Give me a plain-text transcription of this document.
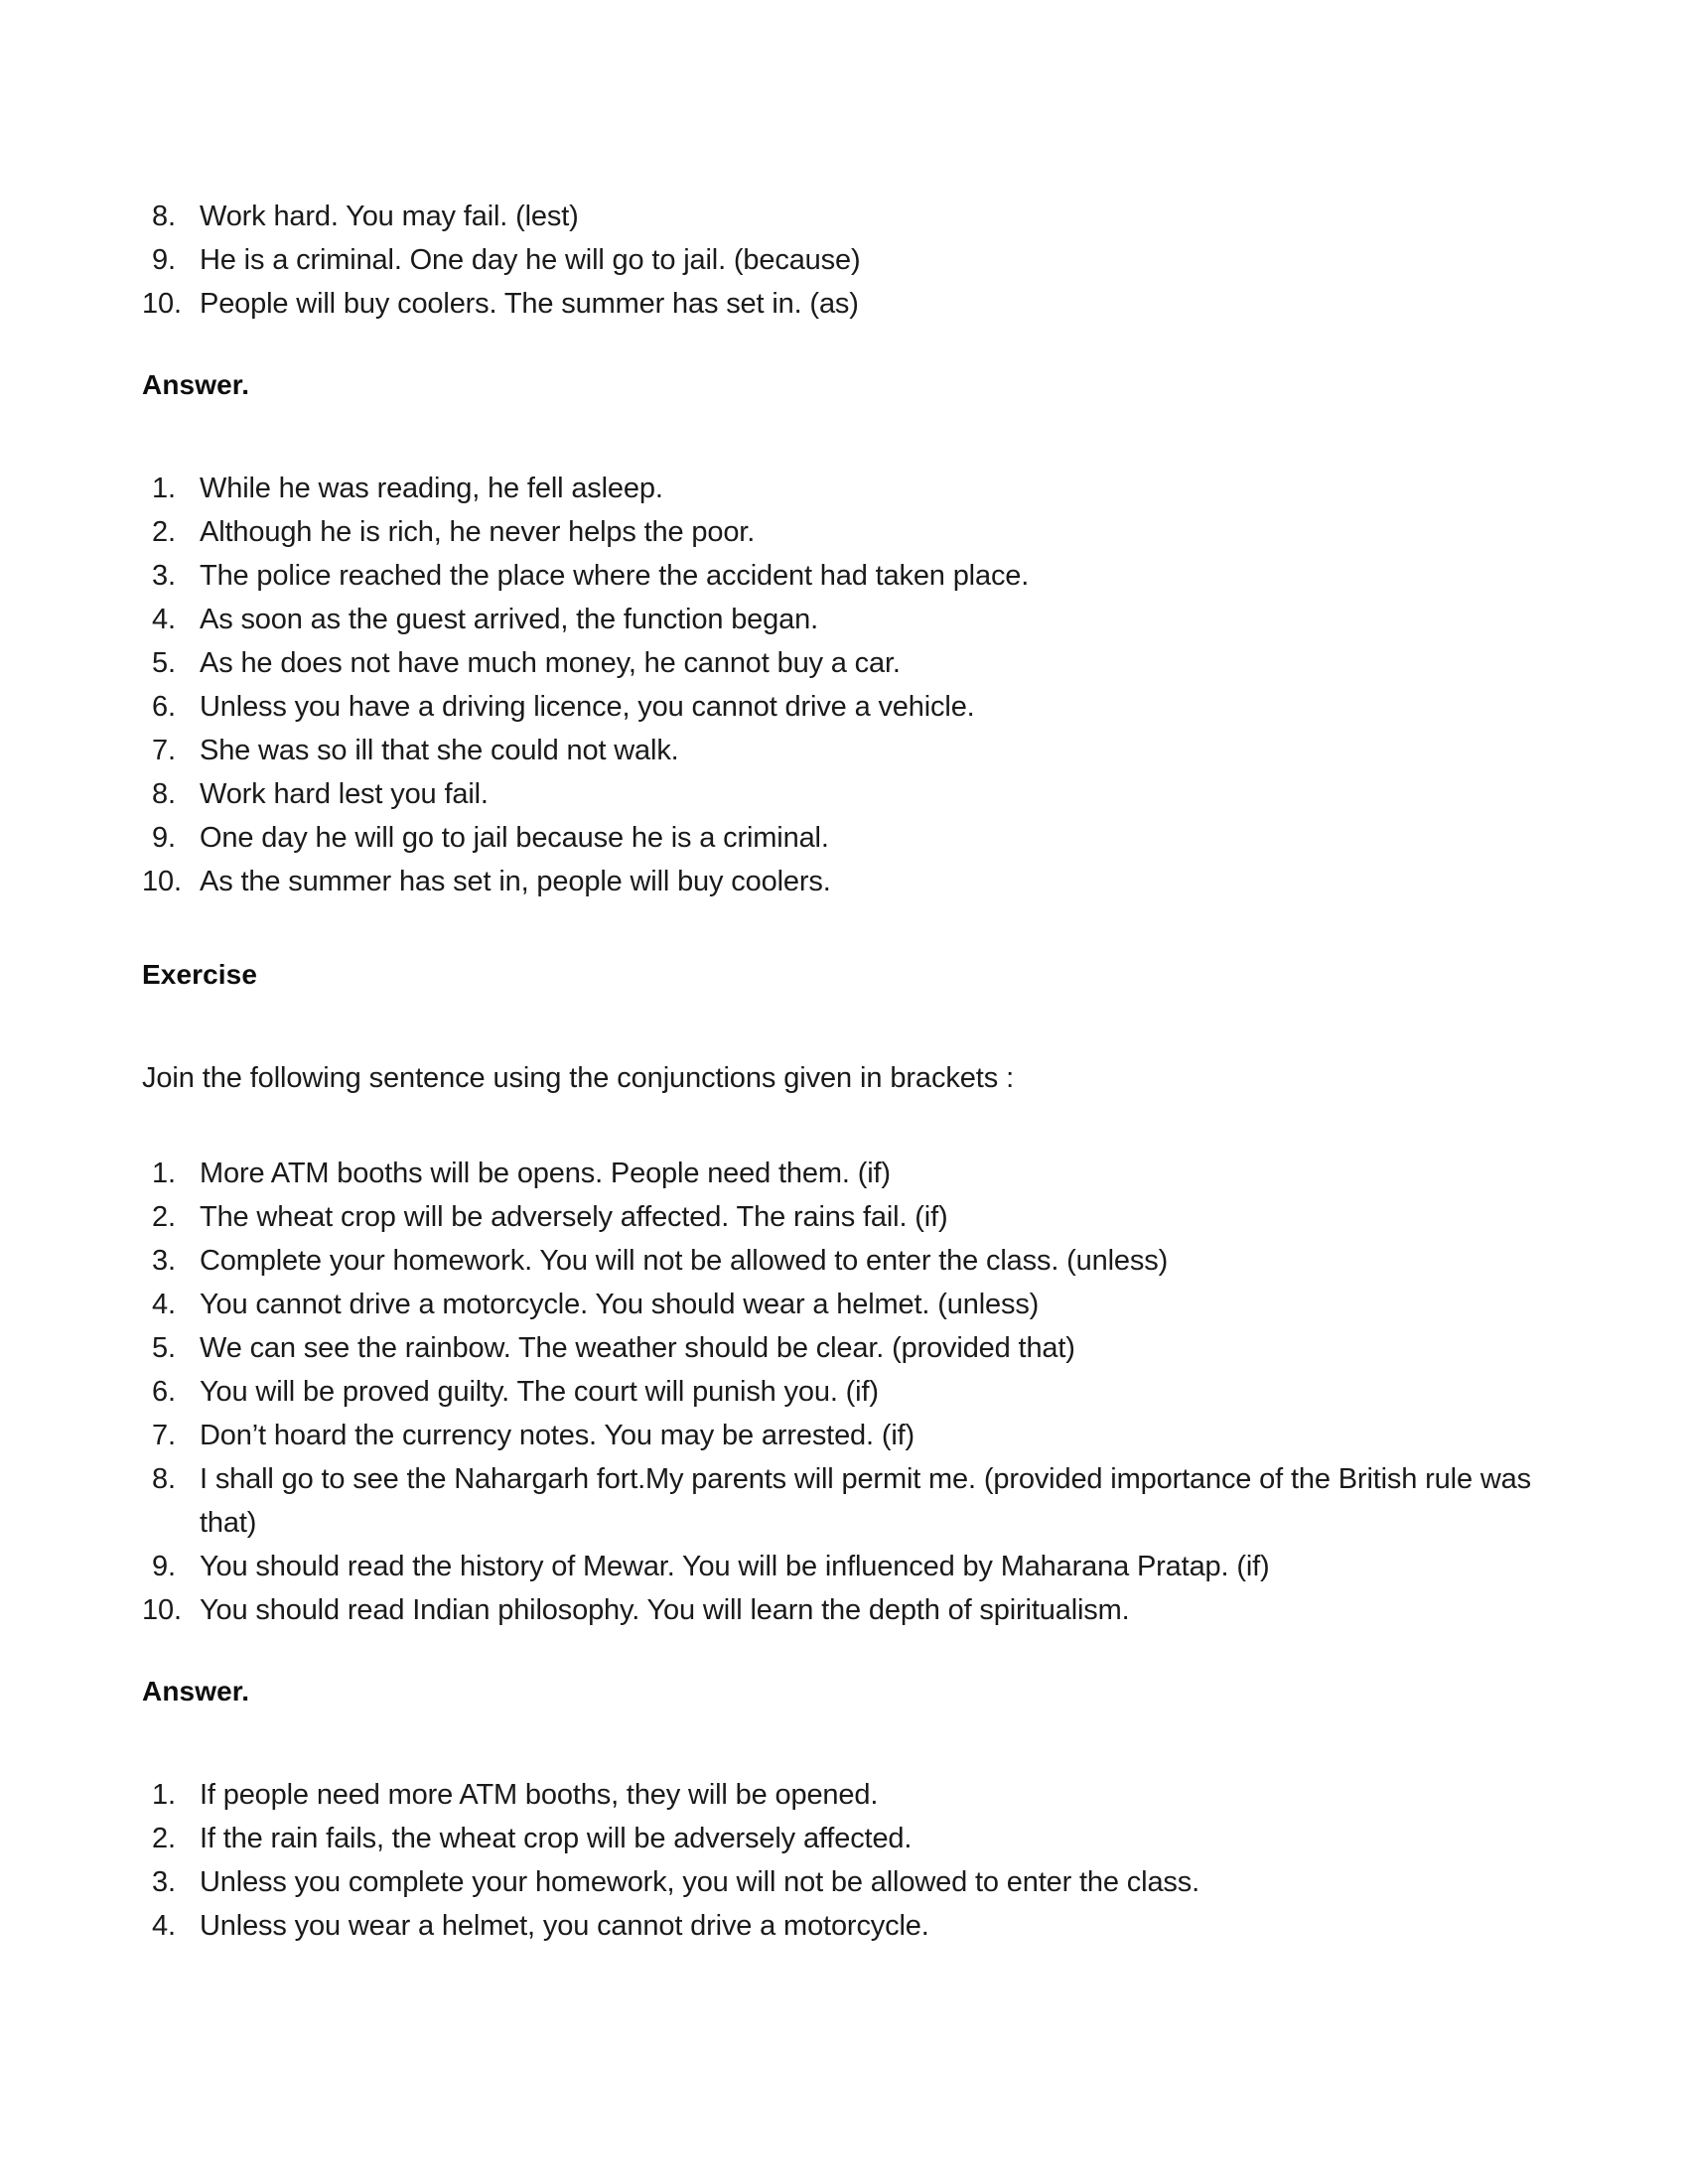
8. Work hard. You may fail. (lest)
9. He is a criminal. One day he will go to jail. (because)
10. People will buy coolers. The summer has set in. (as)
Answer.
1. While he was reading, he fell asleep.
2. Although he is rich, he never helps the poor.
3. The police reached the place where the accident had taken place.
4. As soon as the guest arrived, the function began.
5. As he does not have much money, he cannot buy a car.
6. Unless you have a driving licence, you cannot drive a vehicle.
7. She was so ill that she could not walk.
8. Work hard lest you fail.
9. One day he will go to jail because he is a criminal.
10. As the summer has set in, people will buy coolers.
Exercise

Join the following sentence using the conjunctions given in brackets :

1. More ATM booths will be opens. People need them. (if)
2. The wheat crop will be adversely affected. The rains fail. (if)
3. Complete your homework. You will not be allowed to enter the class. (unless)
4. You cannot drive a motorcycle. You should wear a helmet. (unless)
5. We can see the rainbow. The weather should be clear. (provided that)
6. You will be proved guilty. The court will punish you. (if)
7. Don’t hoard the currency notes. You may be arrested. (if)
8. I shall go to see the Nahargarh fort.My parents will permit me. (provided importance of the British rule was that)
9. You should read the history of Mewar. You will be influenced by Maharana Pratap. (if)
10. You should read Indian philosophy. You will learn the depth of spiritualism.
Answer.
1. If people need more ATM booths, they will be opened.
2. If the rain fails, the wheat crop will be adversely affected.
3. Unless you complete your homework, you will not be allowed to enter the class.
4. Unless you wear a helmet, you cannot drive a motorcycle.
